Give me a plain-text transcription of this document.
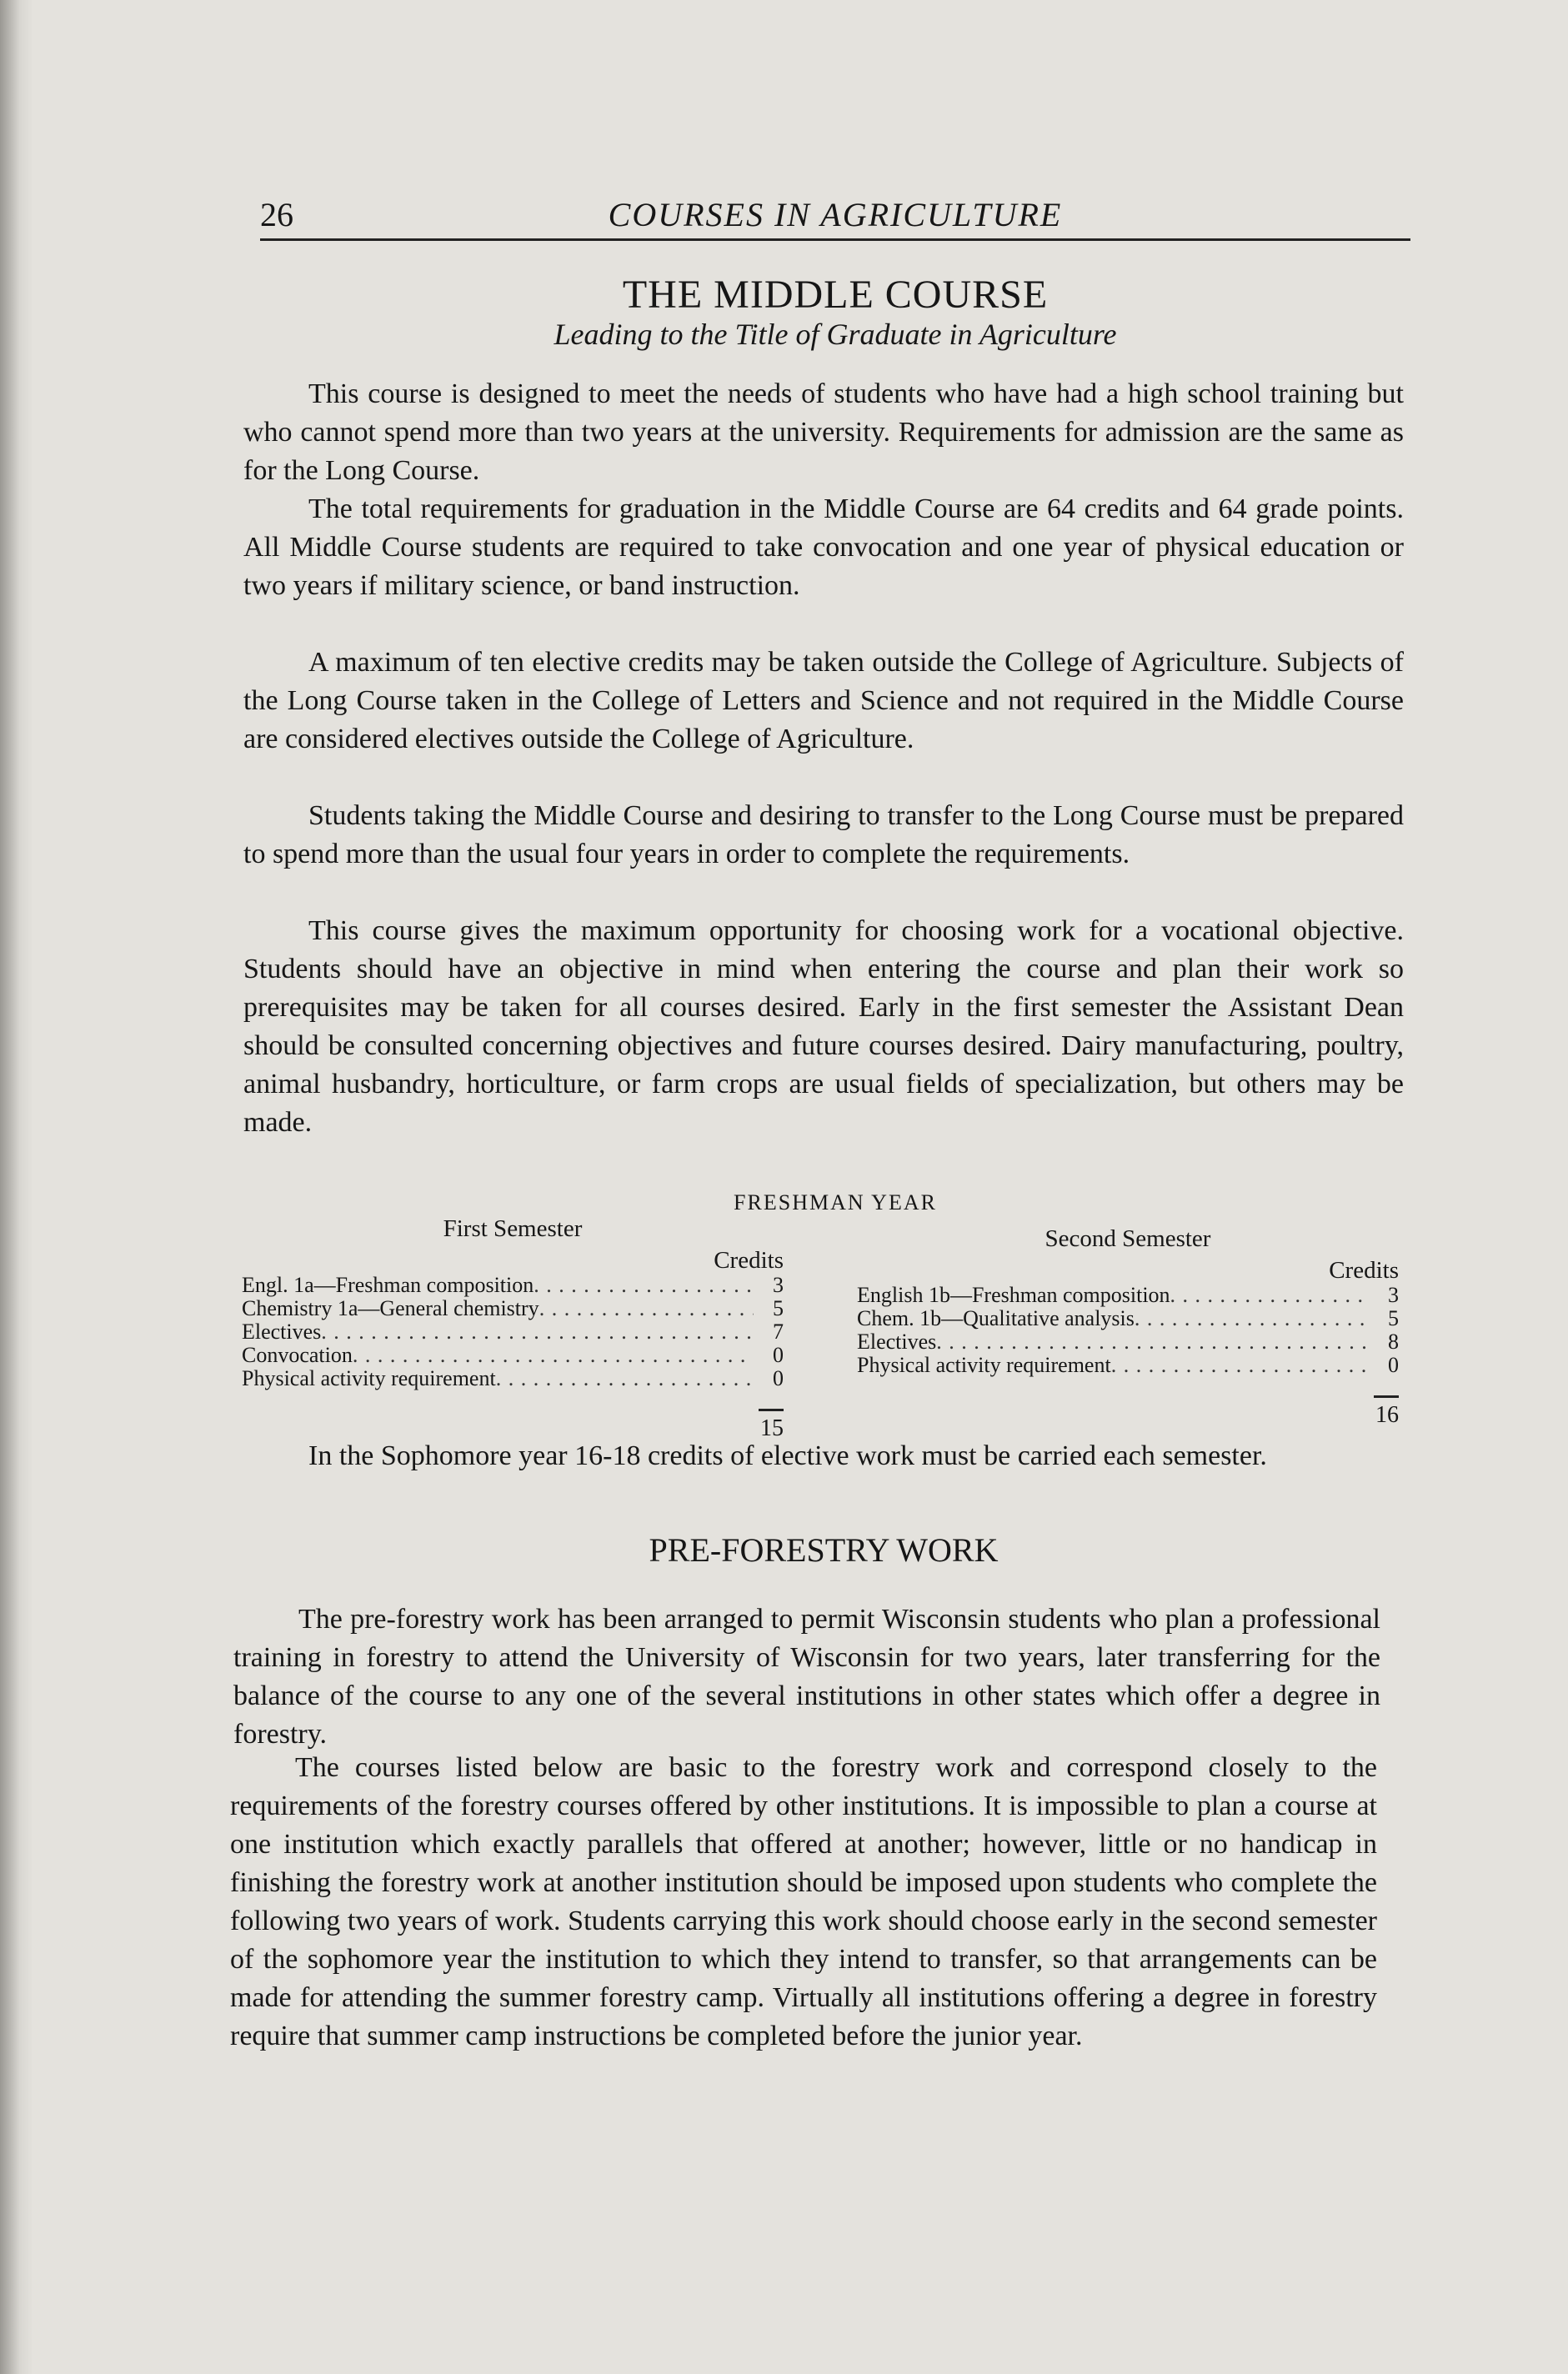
26	COURSES IN AGRICULTURE
THE MIDDLE COURSE
Leading to the Title of Graduate in Agriculture

This course is designed to meet the needs of students who have had a high school training but who cannot spend more than two years at the university. Requirements for admission are the same as for the Long Course.

The total requirements for graduation in the Middle Course are 64 credits and 64 grade points. All Middle Course students are required to take convocation and one year of physical education or two years if military science, or band instruction.

A maximum of ten elective credits may be taken outside the College of Agriculture. Subjects of the Long Course taken in the College of Letters and Science and not required in the Middle Course are considered electives outside the College of Agriculture.

Students taking the Middle Course and desiring to transfer to the Long Course must be prepared to spend more than the usual four years in order to complete the requirements.

This course gives the maximum opportunity for choosing work for a vocational objective. Students should have an objective in mind when entering the course and plan their work so prerequisites may be taken for all courses desired. Early in the first semester the Assistant Dean should be consulted concerning objectives and future courses desired. Dairy manufacturing, poultry, animal husbandry, horticulture, or farm crops are usual fields of specialization, but others may be made.

FRESHMAN YEAR
First Semester
Credits
Engl. 1a—Freshman composition . . .	3
Chemistry 1a—General chemistry . . .	5
Electives . . .	7
Convocation . . .	0
Physical activity requirement . . .	0
15
Second Semester
Credits
English 1b—Freshman composition . . .	3
Chem. 1b—Qualitative analysis . . .	5
Electives . . .	8
Physical activity requirement . . .	0
16

In the Sophomore year 16-18 credits of elective work must be carried each semester.

PRE-FORESTRY WORK

The pre-forestry work has been arranged to permit Wisconsin students who plan a professional training in forestry to attend the University of Wisconsin for two years, later transferring for the balance of the course to any one of the several institutions in other states which offer a degree in forestry.

The courses listed below are basic to the forestry work and correspond closely to the requirements of the forestry courses offered by other institutions. It is impossible to plan a course at one institution which exactly parallels that offered at another; however, little or no handicap in finishing the forestry work at another institution should be imposed upon students who complete the following two years of work. Students carrying this work should choose early in the second semester of the sophomore year the institution to which they intend to transfer, so that arrangements can be made for attending the summer forestry camp. Virtually all institutions offering a degree in forestry require that summer camp instructions be completed before the junior year.
